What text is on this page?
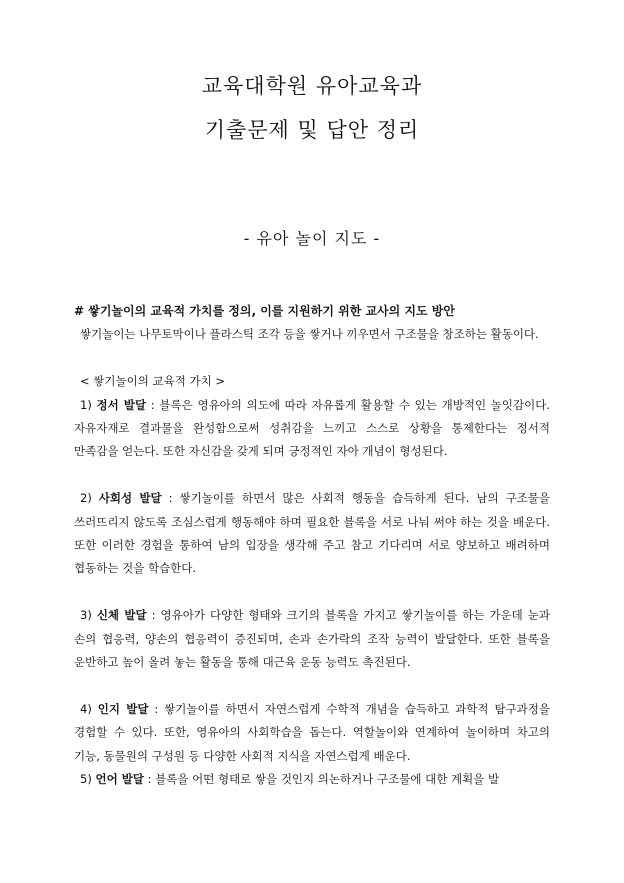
교육대학원 유아교육과
기출문제 및 답안 정리
- 유아 놀이 지도 -
# 쌓기놀이의 교육적 가치를 정의, 이를 지원하기 위한 교사의 지도 방안

쌓기놀이는 나무토막이나 플라스틱 조각 등을 쌓거나 끼우면서 구조물을 창조하는 활동이다.

< 쌓기놀이의 교육적 가치 >

1) 정서 발달 : 블록은 영유아의 의도에 따라 자유롭게 활용할 수 있는 개방적인 놀잇감이다. 자유자재로 결과물을 완성함으로써 성취감을 느끼고 스스로 상황을 통제한다는 정서적 만족감을 얻는다. 또한 자신감을 갖게 되며 긍정적인 자아 개념이 형성된다.

2) 사회성 발달 : 쌓기놀이를 하면서 많은 사회적 행동을 습득하게 된다. 남의 구조물을 쓰러뜨리지 않도록 조심스럽게 행동해야 하며 필요한 블록을 서로 나눠 써야 하는 것을 배운다. 또한 이러한 경험을 통하여 남의 입장을 생각해 주고 참고 기다리며 서로 양보하고 배려하며 협동하는 것을 학습한다.

3) 신체 발달 : 영유아가 다양한 형태와 크기의 블록을 가지고 쌓기놀이를 하는 가운데 눈과 손의 협응력, 양손의 협응력이 증진되며, 손과 손가락의 조작 능력이 발달한다. 또한 블록을 운반하고 높이 올려 놓는 활동을 통해 대근육 운동 능력도 촉진된다.

4) 인지 발달 : 쌓기놀이를 하면서 자연스럽게 수학적 개념을 습득하고 과학적 탐구과정을 경험할 수 있다. 또한, 영유아의 사회학습을 돕는다. 역할놀이와 연계하여 놀이하며 차고의 기능, 동물원의 구성원 등 다양한 사회적 지식을 자연스럽게 배운다.

5) 언어 발달 : 블록을 어떤 형태로 쌓을 것인지 의논하거나 구조물에 대한 계획을 발
